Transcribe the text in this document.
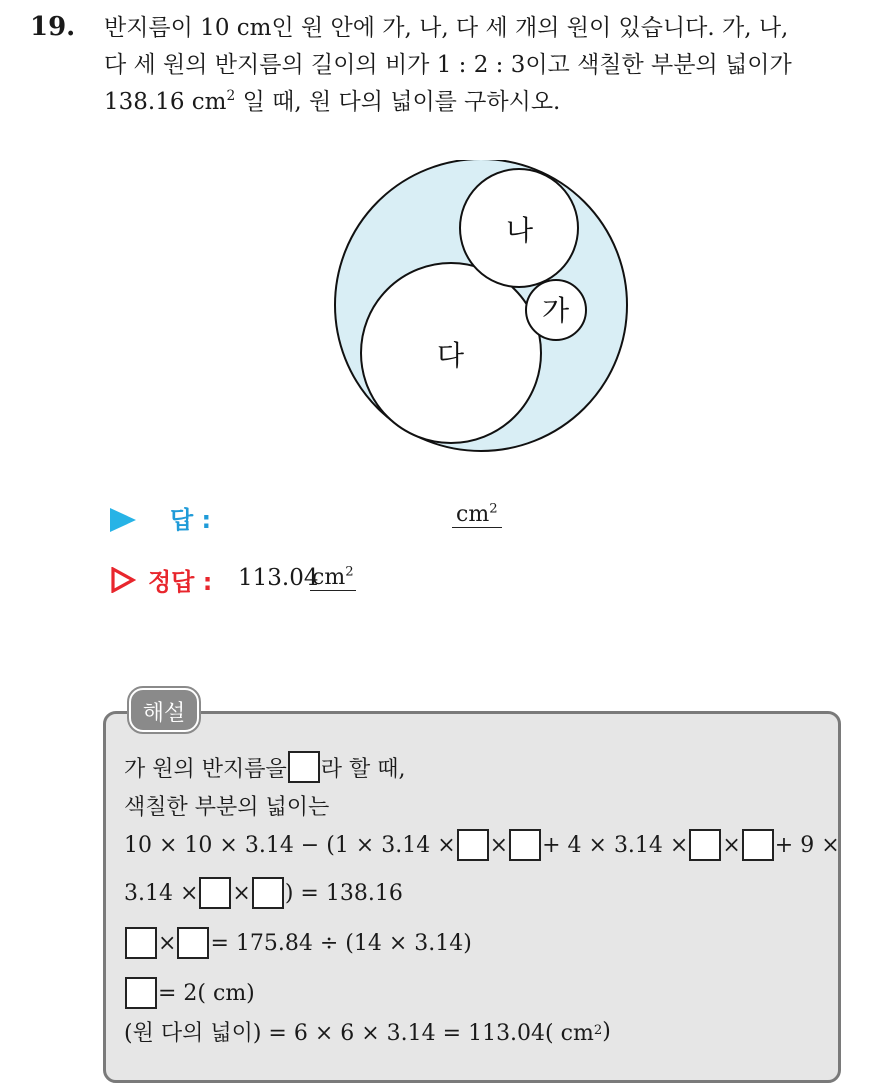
19. 반지름이 10 cm인 원 안에 가, 나, 다 세 개의 원이 있습니다. 가, 나,
다 세 원의 반지름의 길이의 비가 1 : 2 : 3이고 색칠한 부분의 넓이가
138.16 $cm^2$ 일 때, 원 다의 넓이를 구하시오.
나
가
다
답 :	$cm^2$
정답 : 113.04
$cm^2$
해설
가 원의 반지름을 라 할 때,
색칠한 부분의 넓이는
10 × 10 × 3.14 − (1 × 3.14 × × + 4 × 3.14 × × + 9 ×
3.14 × × ) = 138.16
× = 175.84 ÷ (14 × 3.14)
= 2( cm)
(원 다의 넓이) = 6 × 6 × 3.14 = 113.04( cm 2 )
